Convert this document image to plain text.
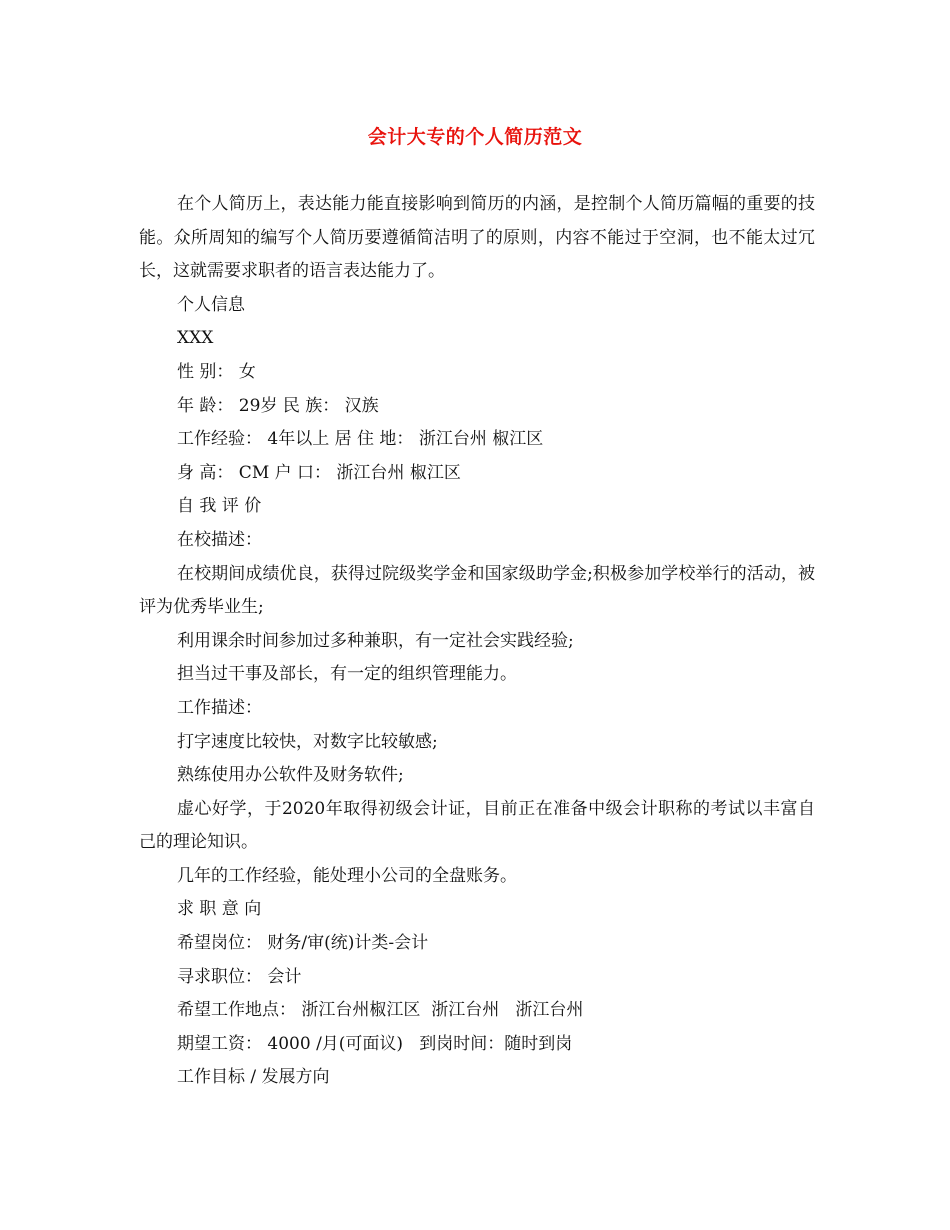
会计大专的个人简历范文

在个人简历上，表达能力能直接影响到简历的内涵，是控制个人简历篇幅的重要的技能。众所周知的编写个人简历要遵循简洁明了的原则，内容不能过于空洞，也不能太过冗长，这就需要求职者的语言表达能力了。

个人信息

XXX

性 别： 女

年 龄： 29岁 民 族： 汉族

工作经验： 4年以上 居 住 地： 浙江台州 椒江区

身 高： CM 户 口： 浙江台州 椒江区

自 我 评 价

在校描述：

在校期间成绩优良，获得过院级奖学金和国家级助学金;积极参加学校举行的活动，被评为优秀毕业生;

利用课余时间参加过多种兼职，有一定社会实践经验;

担当过干事及部长，有一定的组织管理能力。

工作描述：

打字速度比较快，对数字比较敏感;

熟练使用办公软件及财务软件;

虚心好学，于2020年取得初级会计证，目前正在准备中级会计职称的考试以丰富自己的理论知识。

几年的工作经验，能处理小公司的全盘账务。

求 职 意 向

希望岗位： 财务/审(统)计类-会计

寻求职位： 会计

希望工作地点： 浙江台州椒江区  浙江台州   浙江台州

期望工资： 4000 /月(可面议)   到岗时间：随时到岗

工作目标 / 发展方向
